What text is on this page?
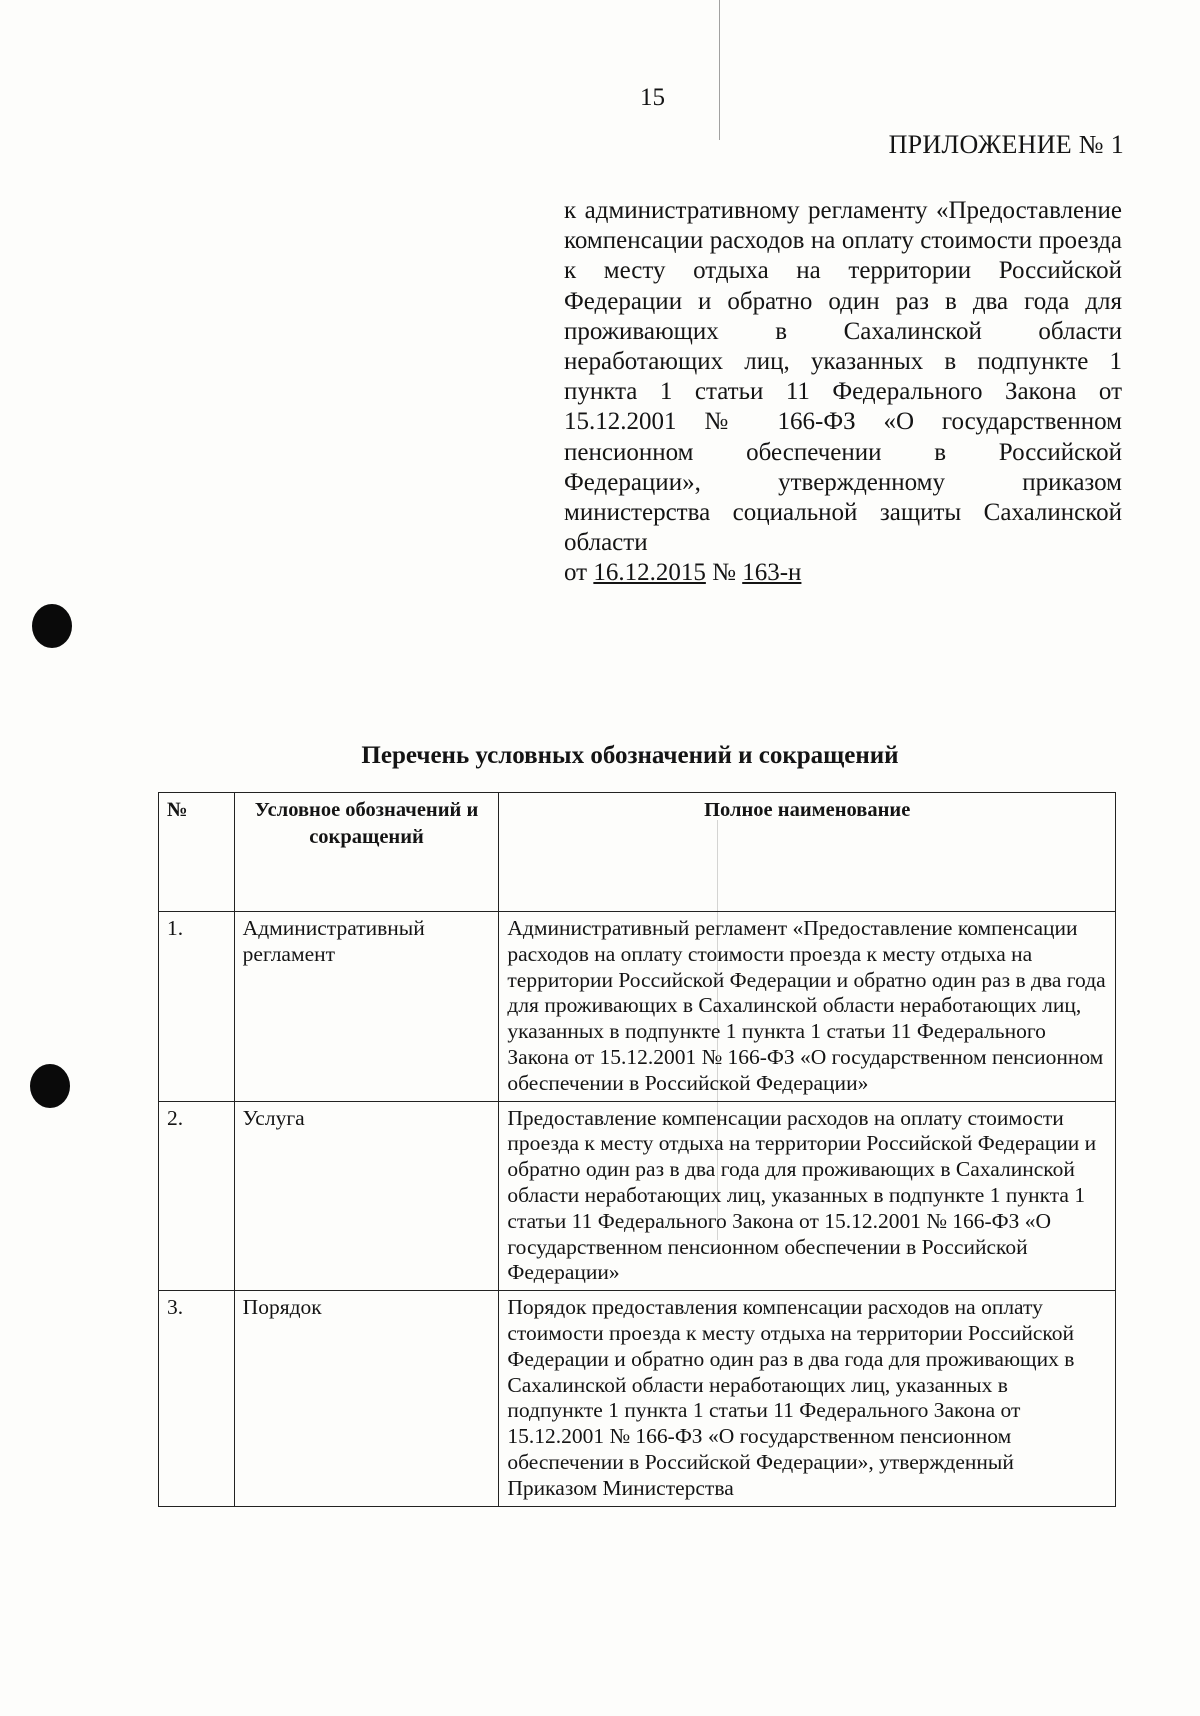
15
ПРИЛОЖЕНИЕ № 1
к административному регламенту «Предоставление компенсации расходов на оплату стоимости проезда к месту отдыха на территории Российской Федерации и обратно один раз в два года для проживающих в Сахалинской области неработающих лиц, указанных в подпункте 1 пункта 1 статьи 11 Федерального Закона от 15.12.2001 № 166-ФЗ «О государственном пенсионном обеспечении в Российской Федерации», утвержденному приказом министерства социальной защиты Сахалинской области
от 16.12.2015 № 163-н
Перечень условных обозначений и сокращений
№	Условное обозначений и сокращений	Полное наименование
1.	Административный регламент	Административный регламент «Предоставление компенсации расходов на оплату стоимости проезда к месту отдыха на территории Российской Федерации и обратно один раз в два года для проживающих в Сахалинской области неработающих лиц, указанных в подпункте 1 пункта 1 статьи 11 Федерального Закона от 15.12.2001 № 166-ФЗ «О государственном пенсионном обеспечении в Российской Федерации»
2.	Услуга	Предоставление компенсации расходов на оплату стоимости проезда к месту отдыха на территории Российской Федерации и обратно один раз в два года для проживающих в Сахалинской области неработающих лиц, указанных в подпункте 1 пункта 1 статьи 11 Федерального Закона от 15.12.2001 № 166-ФЗ «О государственном пенсионном обеспечении в Российской Федерации»
3.	Порядок	Порядок предоставления компенсации расходов на оплату стоимости проезда к месту отдыха на территории Российской Федерации и обратно один раз в два года для проживающих в Сахалинской области неработающих лиц, указанных в подпункте 1 пункта 1 статьи 11 Федерального Закона от 15.12.2001 № 166-ФЗ «О государственном пенсионном обеспечении в Российской Федерации», утвержденный Приказом Министерства
